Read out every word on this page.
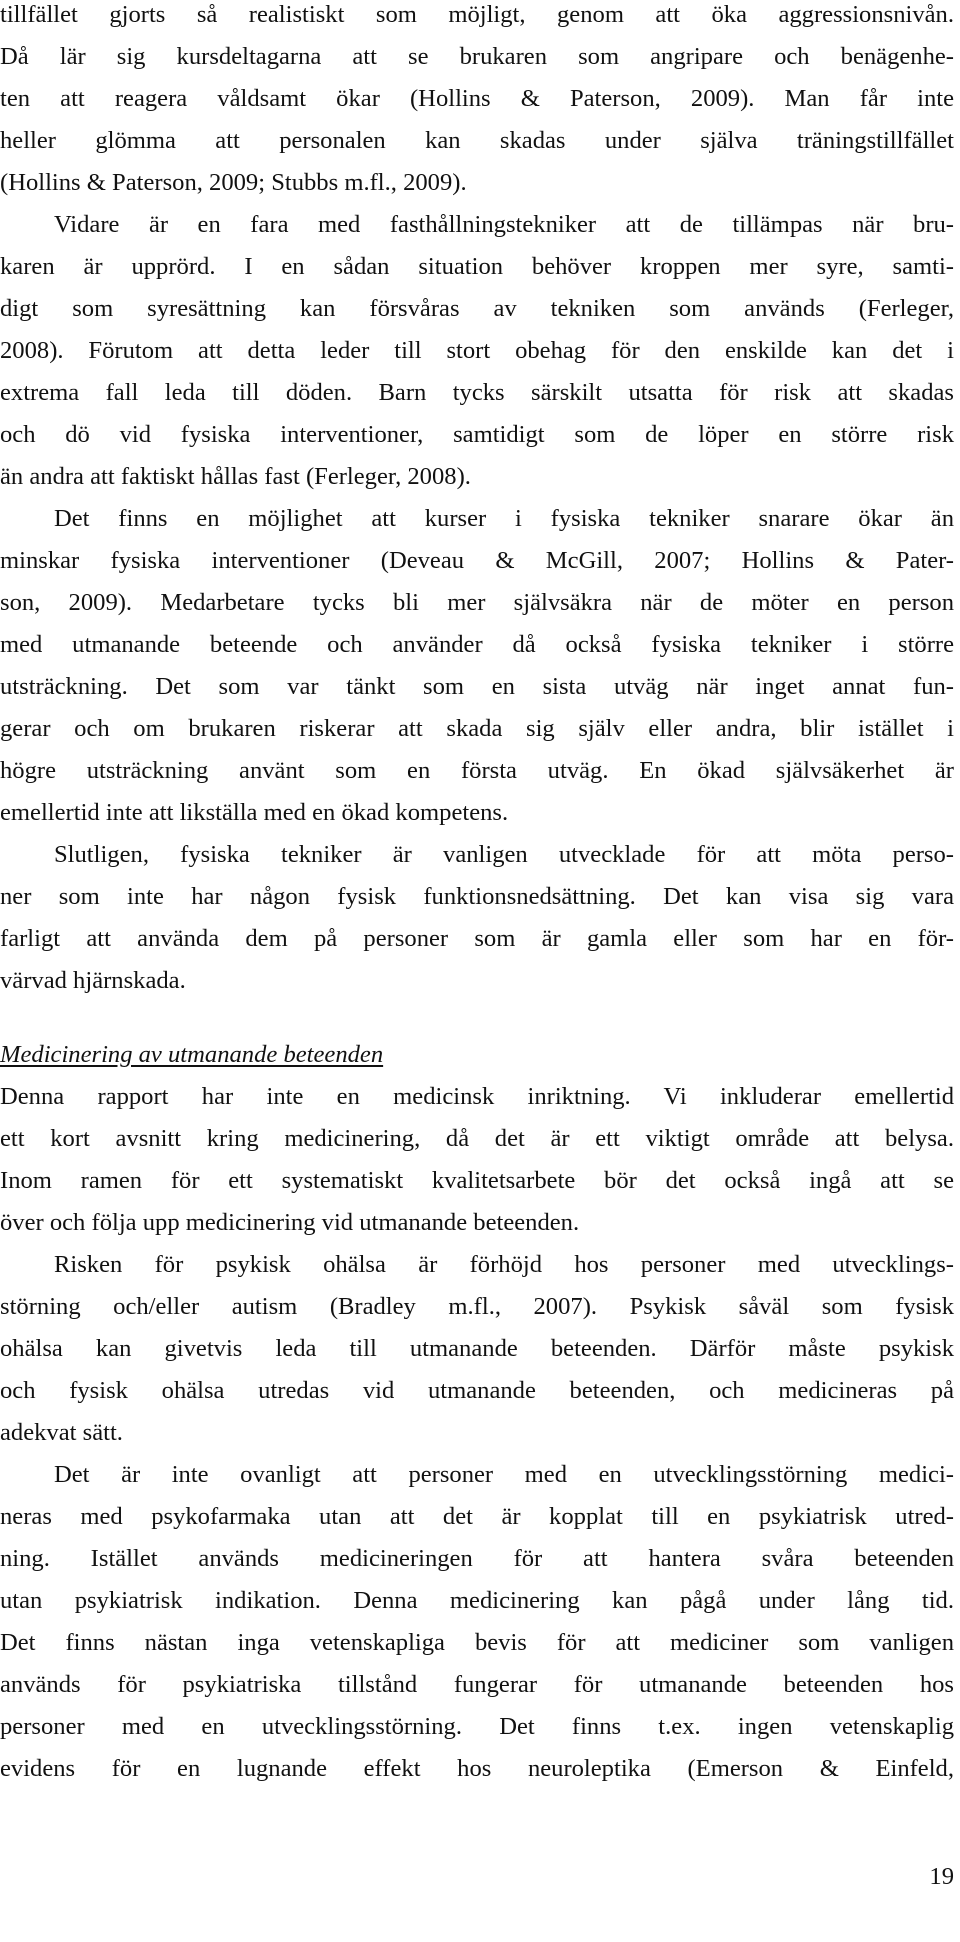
tillfället gjorts så realistiskt som möjligt, genom att öka aggressionsnivån.
Då lär sig kursdeltagarna att se brukaren som angripare och benägenhe-
ten att reagera våldsamt ökar (Hollins & Paterson, 2009). Man får inte
heller glömma att personalen kan skadas under själva träningstillfället
(Hollins & Paterson, 2009; Stubbs m.fl., 2009).
Vidare är en fara med fasthållningstekniker att de tillämpas när bru-
karen är upprörd. I en sådan situation behöver kroppen mer syre, samti-
digt som syresättning kan försvåras av tekniken som används (Ferleger,
2008). Förutom att detta leder till stort obehag för den enskilde kan det i
extrema fall leda till döden. Barn tycks särskilt utsatta för risk att skadas
och dö vid fysiska interventioner, samtidigt som de löper en större risk
än andra att faktiskt hållas fast (Ferleger, 2008).
Det finns en möjlighet att kurser i fysiska tekniker snarare ökar än
minskar fysiska interventioner (Deveau & McGill, 2007; Hollins & Pater-
son, 2009). Medarbetare tycks bli mer självsäkra när de möter en person
med utmanande beteende och använder då också fysiska tekniker i större
utsträckning. Det som var tänkt som en sista utväg när inget annat fun-
gerar och om brukaren riskerar att skada sig själv eller andra, blir istället i
högre utsträckning använt som en första utväg. En ökad självsäkerhet är
emellertid inte att likställa med en ökad kompetens.
Slutligen, fysiska tekniker är vanligen utvecklade för att möta perso-
ner som inte har någon fysisk funktionsnedsättning. Det kan visa sig vara
farligt att använda dem på personer som är gamla eller som har en för-
värvad hjärnskada.
Medicinering av utmanande beteenden
Denna rapport har inte en medicinsk inriktning. Vi inkluderar emellertid
ett kort avsnitt kring medicinering, då det är ett viktigt område att belysa.
Inom ramen för ett systematiskt kvalitetsarbete bör det också ingå att se
över och följa upp medicinering vid utmanande beteenden.
Risken för psykisk ohälsa är förhöjd hos personer med utvecklings-
störning och/eller autism (Bradley m.fl., 2007). Psykisk såväl som fysisk
ohälsa kan givetvis leda till utmanande beteenden. Därför måste psykisk
och fysisk ohälsa utredas vid utmanande beteenden, och medicineras på
adekvat sätt.
Det är inte ovanligt att personer med en utvecklingsstörning medici-
neras med psykofarmaka utan att det är kopplat till en psykiatrisk utred-
ning. Istället används medicineringen för att hantera svåra beteenden
utan psykiatrisk indikation. Denna medicinering kan pågå under lång tid.
Det finns nästan inga vetenskapliga bevis för att mediciner som vanligen
används för psykiatriska tillstånd fungerar för utmanande beteenden hos
personer med en utvecklingsstörning. Det finns t.ex. ingen vetenskaplig
evidens för en lugnande effekt hos neuroleptika (Emerson & Einfeld,
19
